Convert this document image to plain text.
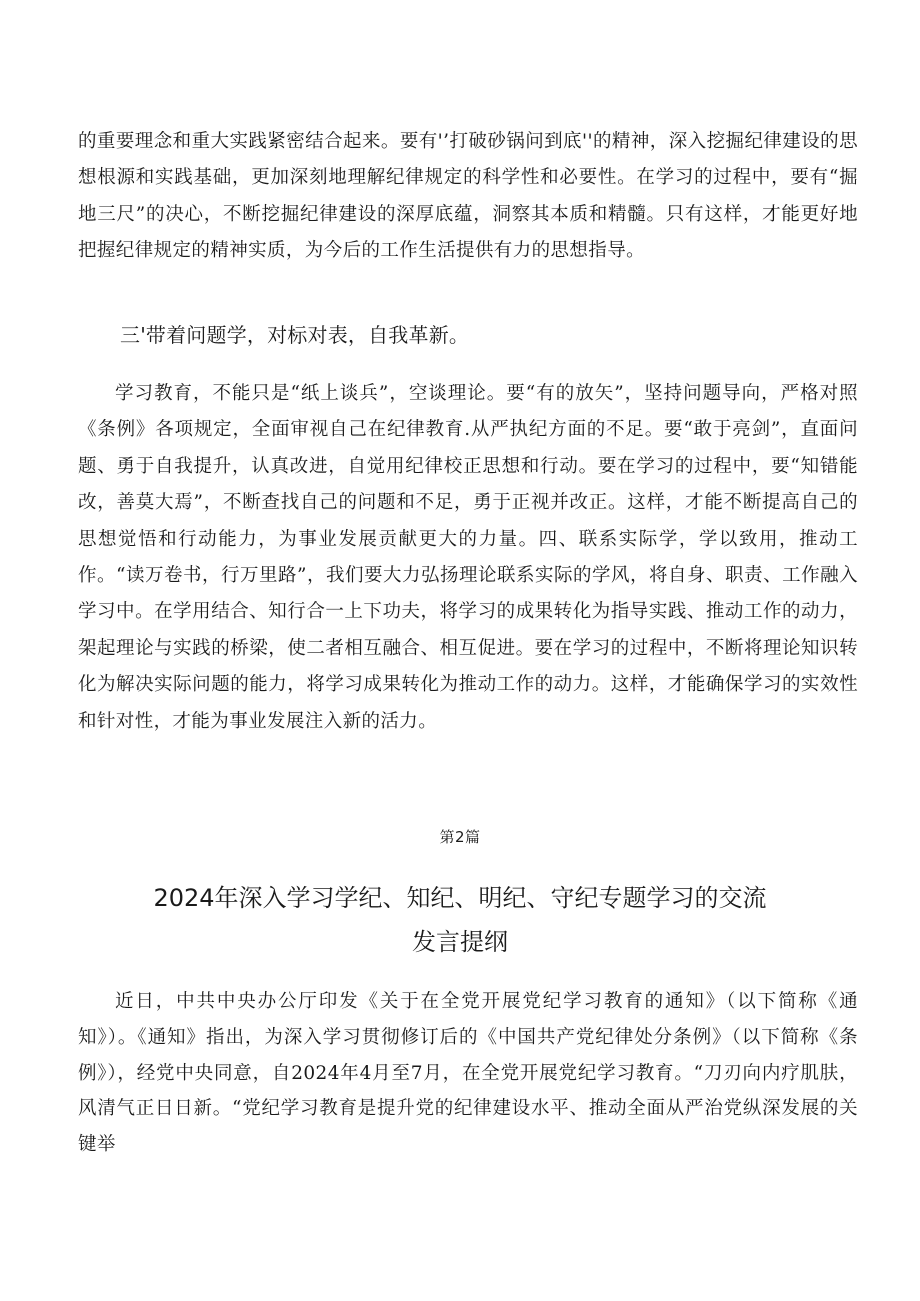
的重要理念和重大实践紧密结合起来。要有'’打破砂锅问到底''的精神，深入挖掘纪律建设的思想根源和实践基础，更加深刻地理解纪律规定的科学性和必要性。在学习的过程中，要有“掘地三尺”的决心，不断挖掘纪律建设的深厚底蕴，洞察其本质和精髓。只有这样，才能更好地把握纪律规定的精神实质，为今后的工作生活提供有力的思想指导。

三'带着问题学，对标对表，自我革新。

学习教育，不能只是“纸上谈兵”，空谈理论。要“有的放矢”，坚持问题导向，严格对照《条例》各项规定，全面审视自己在纪律教育.从严执纪方面的不足。要“敢于亮剑”，直面问题、勇于自我提升，认真改进，自觉用纪律校正思想和行动。要在学习的过程中，要“知错能改，善莫大焉”，不断查找自己的问题和不足，勇于正视并改正。这样，才能不断提高自己的思想觉悟和行动能力，为事业发展贡献更大的力量。四、联系实际学，学以致用，推动工作。“读万卷书，行万里路”，我们要大力弘扬理论联系实际的学风，将自身、职责、工作融入学习中。在学用结合、知行合一上下功夫，将学习的成果转化为指导实践、推动工作的动力，架起理论与实践的桥梁，使二者相互融合、相互促进。要在学习的过程中，不断将理论知识转化为解决实际问题的能力，将学习成果转化为推动工作的动力。这样，才能确保学习的实效性和针对性，才能为事业发展注入新的活力。

第2篇
2024年深入学习学纪、知纪、明纪、守纪专题学习的交流
发言提纲

近日，中共中央办公厅印发《关于在全党开展党纪学习教育的通知》（以下简称《通知》）。《通知》指出，为深入学习贯彻修订后的《中国共产党纪律处分条例》（以下简称《条例》），经党中央同意，自2024年4月至7月，在全党开展党纪学习教育。“刀刃向内疗肌肤，风清气正日日新。“党纪学习教育是提升党的纪律建设水平、推动全面从严治党纵深发展的关键举
